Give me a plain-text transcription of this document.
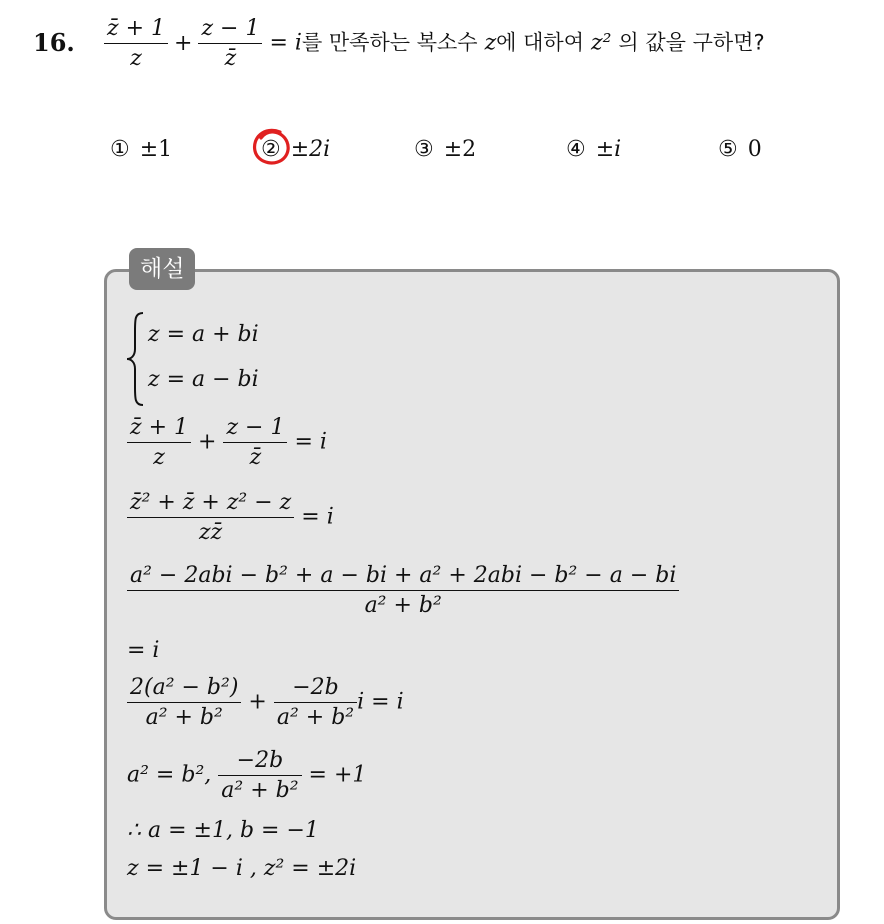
16. $\frac{z̄ + 1}{z} + \frac{z - 1}{z̄} = i$를 만족하는 복소수 z에 대하여 z² 의 값을 구하면?
① ±1	② ±2i	③ ±2	④ ±i	⑤ 0
해설
z = a + bi
z = a − bi
$\frac{z̄ + 1}{z} + \frac{z - 1}{z̄} = i$
$\frac{\text{z̄² + z̄ + z² − z}}{zz̄} = i$
$\frac{\text{a² − 2abi − b² + a − bi + a² + 2abi − b² − a − bi}}{\text{a² + b²}}$
= i
$\frac{\text{2(a² − b²)}}{\text{a² + b²}} + \frac{-2b}{\text{a² + b²}}$ i = i
a² = b², $\frac{-2b}{\text{a² + b²}} = +1$
∴ a = ±1, b = −1
z = ±1 − i , z² = ±2i
